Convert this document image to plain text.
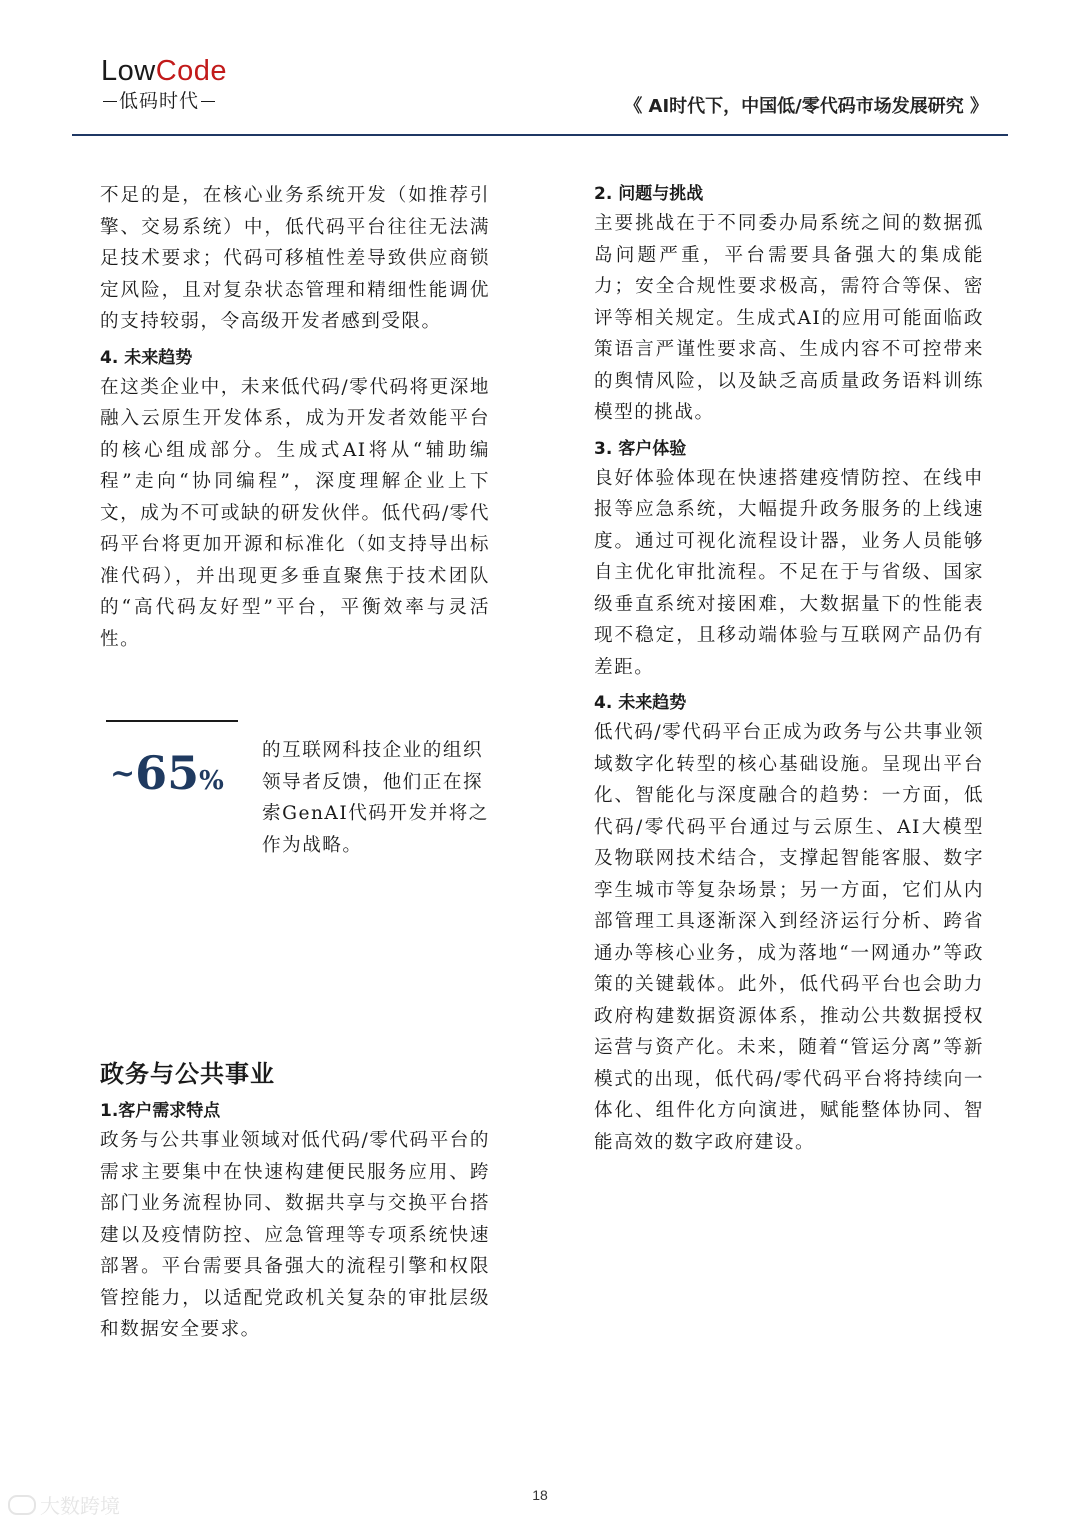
LowCode
低码时代	《 AI时代下，中国低/零代码市场发展研究 》

不足的是，在核心业务系统开发（如推荐引擎、交易系统）中，低代码平台往往无法满足技术要求；代码可移植性差导致供应商锁定风险，且对复杂状态管理和精细性能调优的支持较弱，令高级开发者感到受限。

4. 未来趋势

在这类企业中，未来低代码/零代码将更深地融入云原生开发体系，成为开发者效能平台的核心组成部分。生成式AI将从“辅助编程”走向“协同编程”，深度理解企业上下文，成为不可或缺的研发伙伴。低代码/零代码平台将更加开源和标准化（如支持导出标准代码），并出现更多垂直聚焦于技术团队的“高代码友好型”平台，平衡效率与灵活性。

~65%

的互联网科技企业的组织领导者反馈，他们正在探索GenAI代码开发并将之作为战略。

政务与公共事业
1.客户需求特点

政务与公共事业领域对低代码/零代码平台的需求主要集中在快速构建便民服务应用、跨部门业务流程协同、数据共享与交换平台搭建以及疫情防控、应急管理等专项系统快速部署。平台需要具备强大的流程引擎和权限管控能力，以适配党政机关复杂的审批层级和数据安全要求。

2. 问题与挑战

主要挑战在于不同委办局系统之间的数据孤岛问题严重，平台需要具备强大的集成能力；安全合规性要求极高，需符合等保、密评等相关规定。生成式AI的应用可能面临政策语言严谨性要求高、生成内容不可控带来的舆情风险，以及缺乏高质量政务语料训练模型的挑战。

3. 客户体验

良好体验体现在快速搭建疫情防控、在线申报等应急系统，大幅提升政务服务的上线速度。通过可视化流程设计器，业务人员能够自主优化审批流程。不足在于与省级、国家级垂直系统对接困难，大数据量下的性能表现不稳定，且移动端体验与互联网产品仍有差距。

4. 未来趋势

低代码/零代码平台正成为政务与公共事业领域数字化转型的核心基础设施。呈现出平台化、智能化与深度融合的趋势：一方面，低代码/零代码平台通过与云原生、AI大模型及物联网技术结合，支撑起智能客服、数字孪生城市等复杂场景；另一方面，它们从内部管理工具逐渐深入到经济运行分析、跨省通办等核心业务，成为落地“一网通办”等政策的关键载体。此外，低代码平台也会助力政府构建数据资源体系，推动公共数据授权运营与资产化。未来，随着“管运分离”等新模式的出现，低代码/零代码平台将持续向一体化、组件化方向演进，赋能整体协同、智能高效的数字政府建设。

18
大数跨境
